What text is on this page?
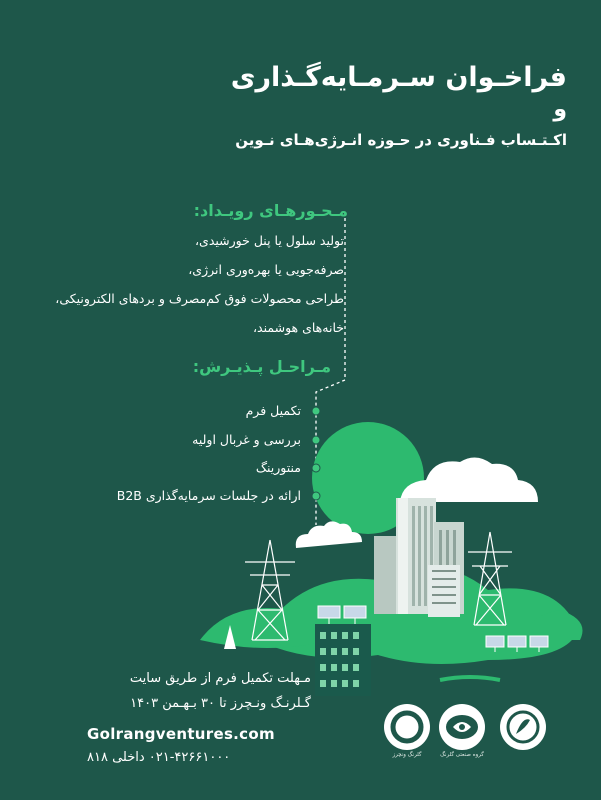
فراخـوان سـرمـایه‌گـذاری
و
اکـتـساب فـناوری در حـوزه انـرژی‌هـای نـوین
مـحـورهـای رویـداد:
تولید سلول یا پنل خورشیدی،
صرفه‌جویی یا بهره‌وری انرژی،
طراحی محصولات فوق کم‌مصرف و بردهای الکترونیکی،
خانه‌های هوشمند،
مـراحـل پـذیـرش:
تکمیل فرم
بررسی و غربال اولیه
منتورینگ
ارائه در جلسات سرمایه‌گذاری B2B
مـهلت تکمیل فرم از طریق سایت
گـلرنـگ ونـچرز تا ۳۰ بـهـمن ۱۴۰۳
Golrangventures.com
۰۲۱-۴۲۶۶۱۰۰۰ داخلی ۸۱۸	گلرنگ ونچرز	گروه صنعتی گلرنگ
